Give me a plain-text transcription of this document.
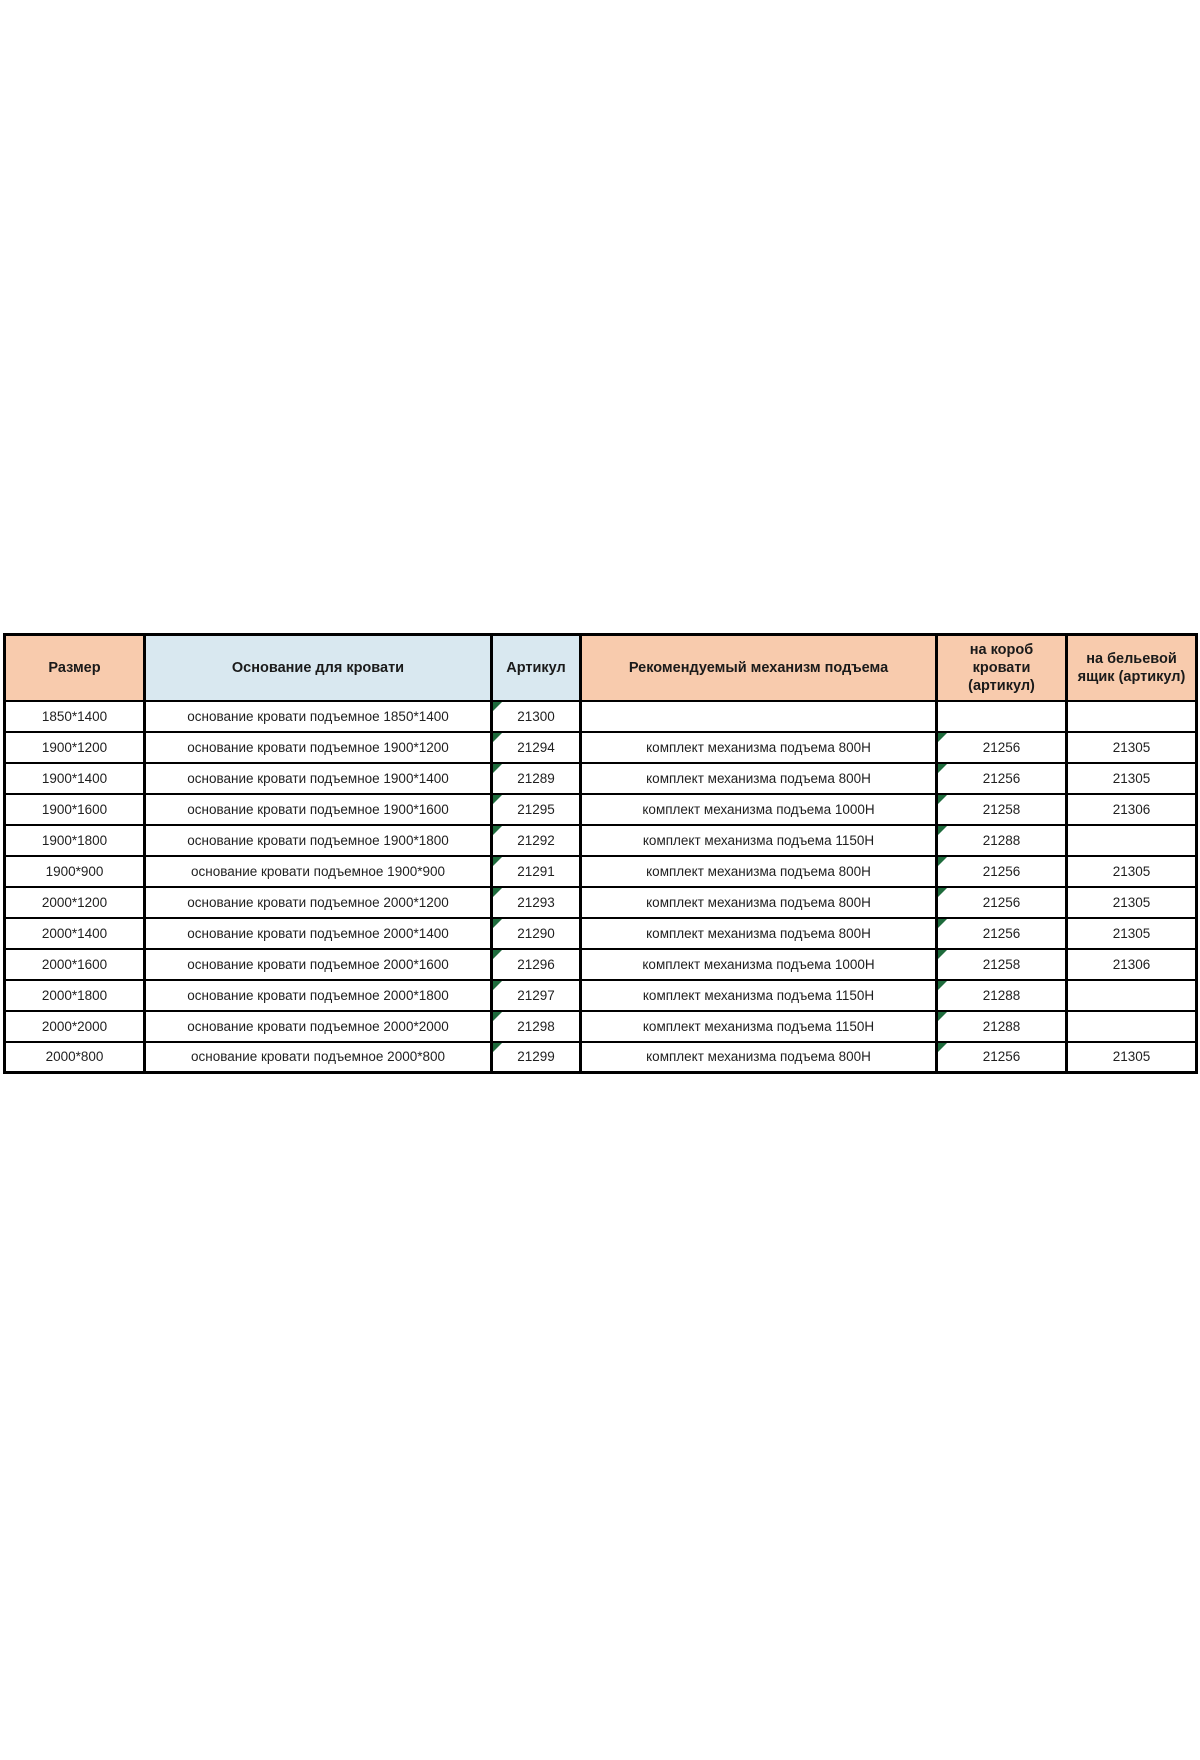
Размер	Основание для кровати	Артикул	Рекомендуемый механизм подъема	на короб кровати (артикул)	на бельевой ящик (артикул)
1850*1400	основание кровати подъемное 1850*1400	21300			
1900*1200	основание кровати подъемное 1900*1200	21294	комплект механизма подъема 800Н	21256	21305
1900*1400	основание кровати подъемное 1900*1400	21289	комплект механизма подъема 800Н	21256	21305
1900*1600	основание кровати подъемное 1900*1600	21295	комплект механизма подъема 1000Н	21258	21306
1900*1800	основание кровати подъемное 1900*1800	21292	комплект механизма подъема 1150Н	21288	
1900*900	основание кровати подъемное 1900*900	21291	комплект механизма подъема 800Н	21256	21305
2000*1200	основание кровати подъемное 2000*1200	21293	комплект механизма подъема 800Н	21256	21305
2000*1400	основание кровати подъемное 2000*1400	21290	комплект механизма подъема 800Н	21256	21305
2000*1600	основание кровати подъемное 2000*1600	21296	комплект механизма подъема 1000Н	21258	21306
2000*1800	основание кровати подъемное 2000*1800	21297	комплект механизма подъема 1150Н	21288	
2000*2000	основание кровати подъемное 2000*2000	21298	комплект механизма подъема 1150Н	21288	
2000*800	основание кровати подъемное 2000*800	21299	комплект механизма подъема 800Н	21256	21305
